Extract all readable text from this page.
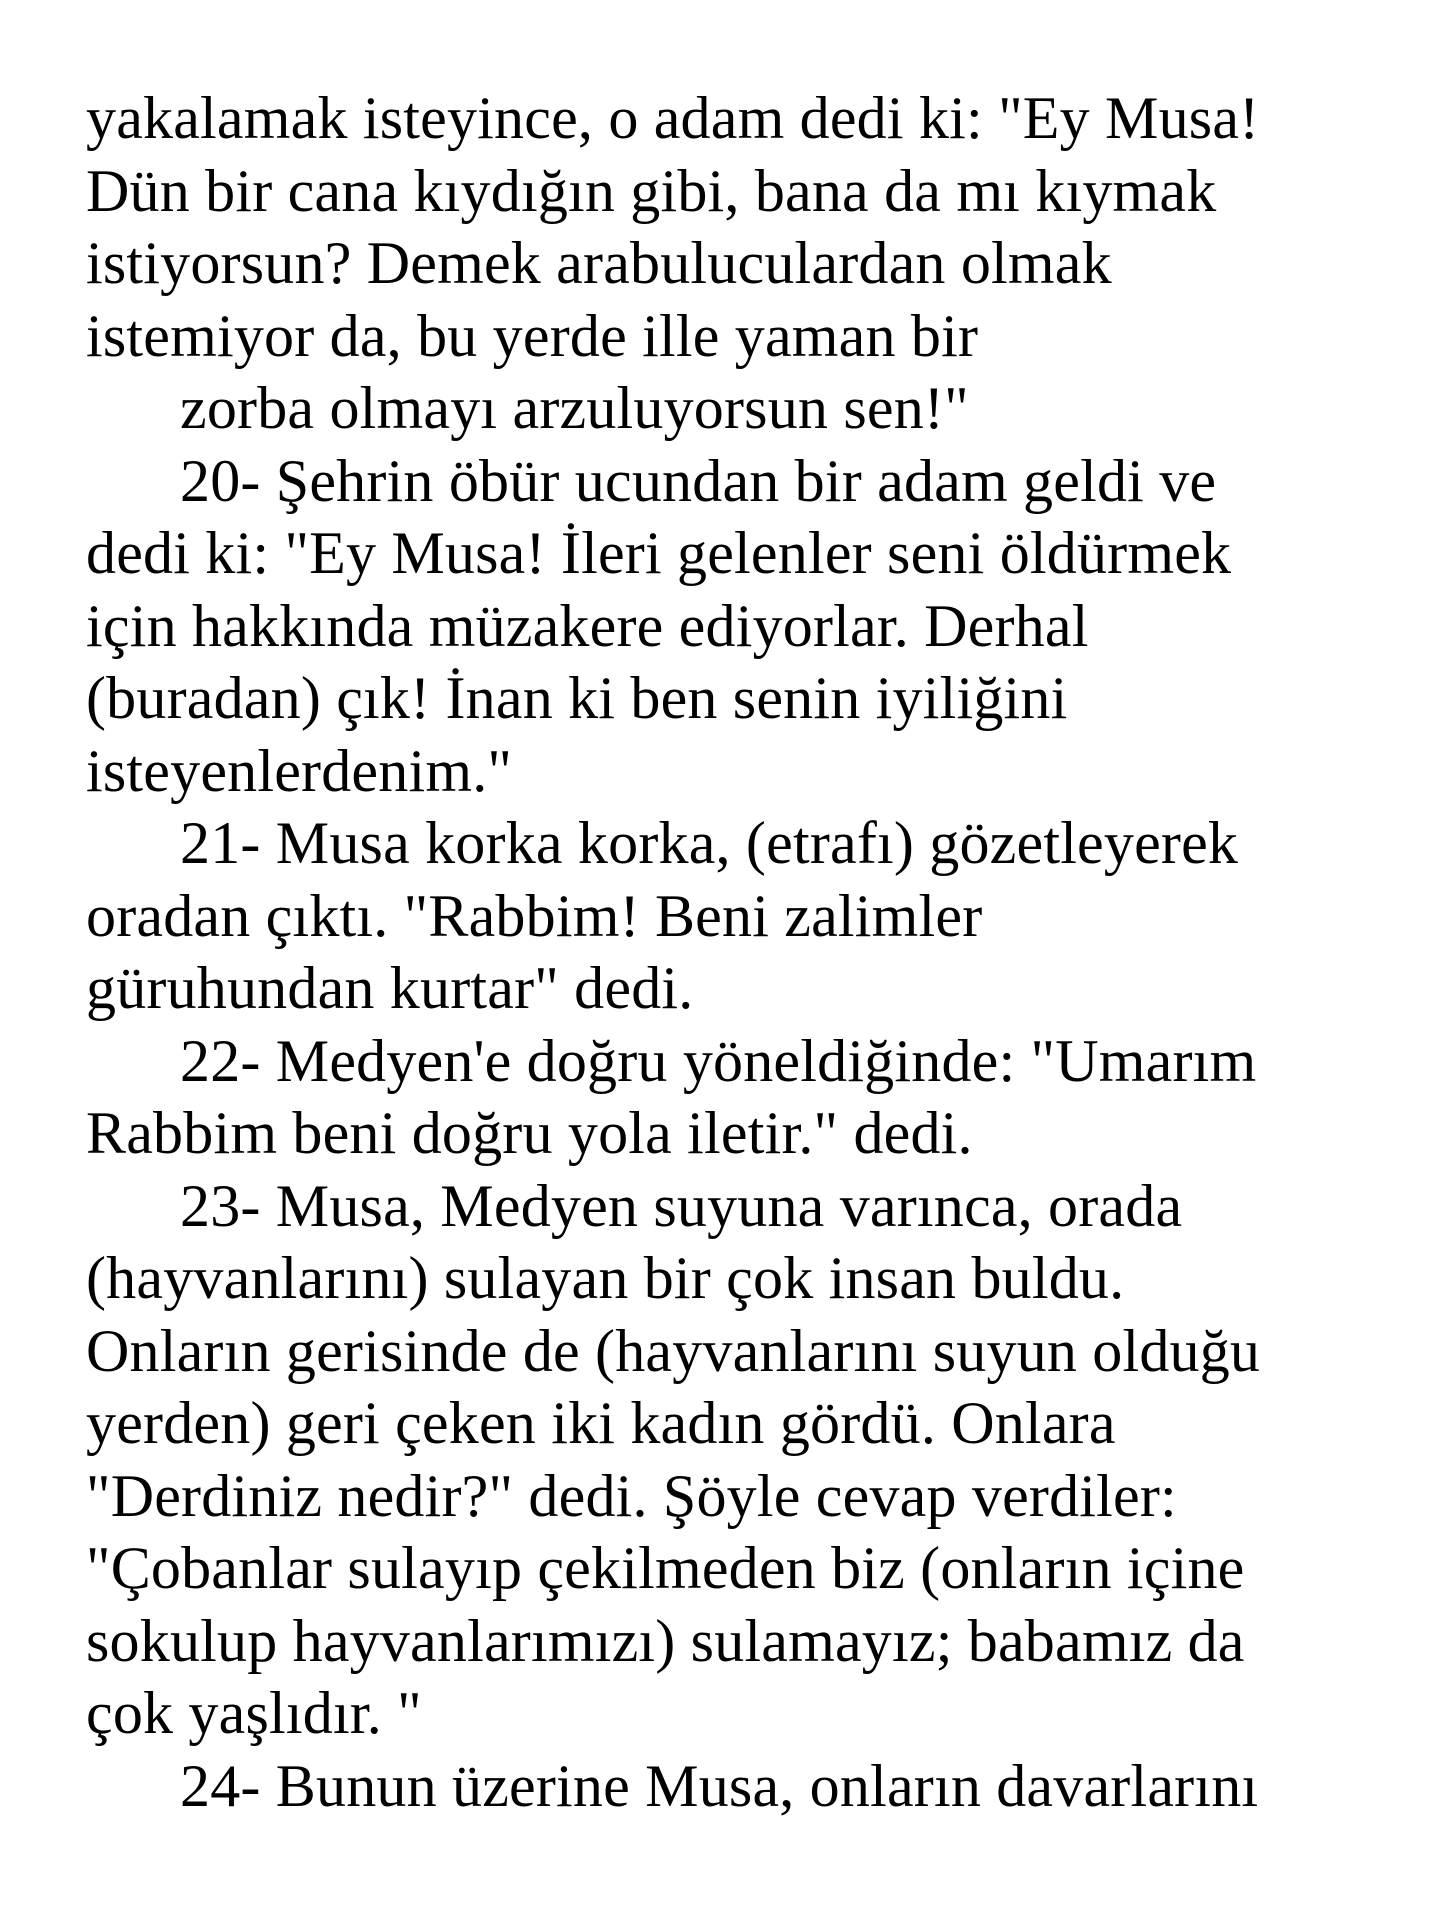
yakalamak isteyince, o adam dedi ki: "Ey Musa!
Dün bir cana kıydığın gibi, bana da mı kıymak
istiyorsun? Demek arabuluculardan olmak
istemiyor da, bu yerde ille yaman bir
zorba olmayı arzuluyorsun sen!"
20- Şehrin öbür ucundan bir adam geldi ve
dedi ki: "Ey Musa! İleri gelenler seni öldürmek
için hakkında müzakere ediyorlar. Derhal
(buradan) çık! İnan ki ben senin iyiliğini
isteyenlerdenim."
21- Musa korka korka, (etrafı) gözetleyerek
oradan çıktı. "Rabbim! Beni zalimler
güruhundan kurtar" dedi.
22- Medyen'e doğru yöneldiğinde: "Umarım
Rabbim beni doğru yola iletir." dedi.
23- Musa, Medyen suyuna varınca, orada
(hayvanlarını) sulayan bir çok insan buldu.
Onların gerisinde de (hayvanlarını suyun olduğu
yerden) geri çeken iki kadın gördü. Onlara
"Derdiniz nedir?" dedi. Şöyle cevap verdiler:
"Çobanlar sulayıp çekilmeden biz (onların içine
sokulup hayvanlarımızı) sulamayız; babamız da
çok yaşlıdır. "
24- Bunun üzerine Musa, onların davarlarını
